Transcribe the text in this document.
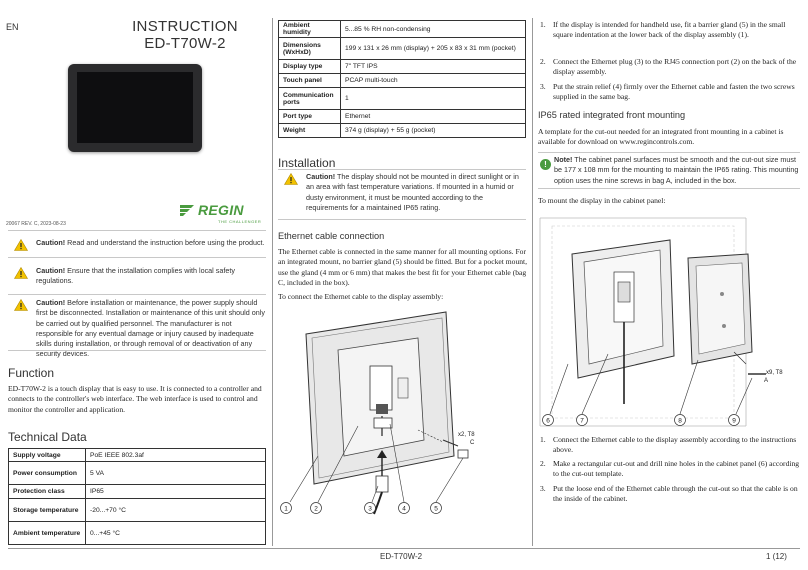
EN	INSTRUCTION
ED-T70W-2
20067 REV. C, 2023-08-23
REGIN
THE CHALLENGER
Caution! Read and understand the instruction before using the product.
Caution! Ensure that the installation complies with local safety regulations.
Caution! Before installation or maintenance, the power supply should first be disconnected. Installation or maintenance of this unit should only be carried out by qualified personnel. The manufacturer is not responsible for any eventual damage or injury caused by inadequate skills during installation, or through removal of or deactivation of any security devices.
Function
ED-T70W-2 is a touch display that is easy to use. It is connected to a controller and connects to the controller's web interface. The web interface is used to control and monitor the controller and application.
Technical Data
Supply voltage	PoE IEEE 802.3af
Power consumption	5 VA
Protection class	IP65
Storage temperature	-20...+70 °C
Ambient temperature	0...+45 °C
Ambient humidity	5...85 % RH non-condensing
Dimensions (WxHxD)	199 x 131 x 26 mm (display) + 205 x 83 x 31 mm (pocket)
Display type	7" TFT IPS
Touch panel	PCAP multi-touch
Communication ports	1
Port type	Ethernet
Weight	374 g (display) + 55 g (pocket)
Installation
Caution! The display should not be mounted in direct sunlight or in an area with fast temperature variations. If mounted in a humid or dusty environment, it must be mounted according to the requirements for a maintained IP65 rating.
Ethernet cable connection
The Ethernet cable is connected in the same manner for all mounting options. For an integrated mount, no barrier gland (5) should be fitted. But for a pocket mount, use the gland (4 mm or 6 mm) that makes the best fit for your Ethernet cable (bag C, included in the box).
To connect the Ethernet cable to the display assembly:
x2, T8
C
1	2	3	4	5
1. If the display is intended for handheld use, fit a barrier gland (5) in the small square indentation at the lower back of the display assembly (1).
2. Connect the Ethernet plug (3) to the RJ45 connection port (2) on the back of the display assembly.
3. Put the strain relief (4) firmly over the Ethernet cable and fasten the two screws supplied in the same bag.
IP65 rated integrated front mounting
A template for the cut-out needed for an integrated front mounting in a cabinet is available for download on www.regincontrols.com.
!
Note! The cabinet panel surfaces must be smooth and the cut-out size must be 177 x 108 mm for the mounting to maintain the IP65 rating. This mounting option uses the nine screws in bag A, included in the box.
To mount the display in the cabinet panel:
x9, T8
A
6	7	8	9
1. Connect the Ethernet cable to the display assembly according to the instructions above.
2. Make a rectangular cut-out and drill nine holes in the cabinet panel (6) according to the cut-out template.
3. Put the loose end of the Ethernet cable through the cut-out so that the cable is on the inside of the cabinet.
ED-T70W-2	1 (12)
